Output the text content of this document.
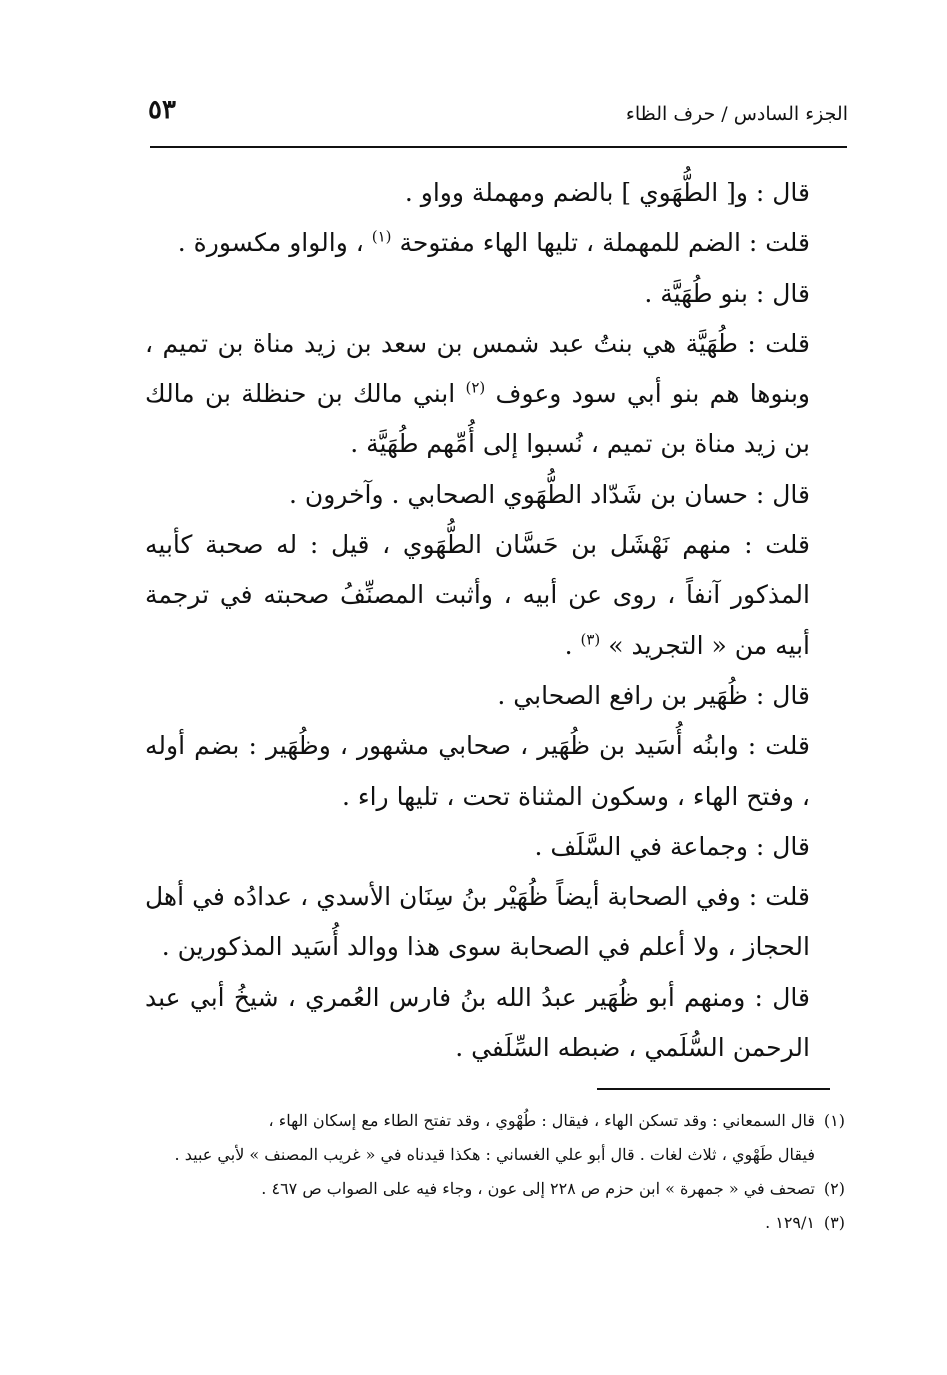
الجزء السادس / حرف الظاء
٥٣

قال : و[ الطُّهَوي ] بالضم ومهملة وواو .

قلت : الضم للمهملة ، تليها الهاء مفتوحة $^{(١)}$ ، والواو مكسورة .

قال : بنو طُهَيَّة .

قلت : طُهَيَّة هي بنتُ عبد شمس بن سعد بن زيد مناة بن تميم ، وبنوها هم بنو أبي سود وعوف $^{(٢)}$ ابني مالك بن حنظلة بن مالك بن زيد مناة بن تميم ، نُسبوا إلى أُمِّهم طُهَيَّة .

قال : حسان بن شَدّاد الطُّهَوي الصحابي . وآخرون .

قلت : منهم نَهْشَل بن حَسَّان الطُّهَوي ، قيل : له صحبة كأبيه المذكور آنفاً ، روى عن أبيه ، وأثبت المصنِّفُ صحبته في ترجمة أبيه من « التجريد » $^{(٣)}$ .

قال : ظُهَير بن رافع الصحابي .

قلت : وابنُه أُسَيد بن ظُهَير ، صحابي مشهور ، وظُهَير : بضم أوله ، وفتح الهاء ، وسكون المثناة تحت ، تليها راء .

قال : وجماعة في السَّلَف .

قلت : وفي الصحابة أيضاً ظُهَيْر بنُ سِنَان الأسدي ، عدادُه في أهل الحجاز ، ولا أعلم في الصحابة سوى هذا ووالد أُسَيد المذكورين .

قال : ومنهم أبو ظُهَير عبدُ الله بنُ فارس العُمري ، شيخُ أبي عبد الرحمن السُّلَمي ، ضبطه السِّلَفي .

(١)قال السمعاني : وقد تسكن الهاء ، فيقال : طُهْوي ، وقد تفتح الطاء مع إسكان الهاء ،
فيقال طَهْوي ، ثلاث لغات . قال أبو علي الغساني : هكذا قيدناه في « غريب المصنف » لأبي عبيد .

(٢)تصحف في « جمهرة » ابن حزم ص ٢٢٨ إلى عون ، وجاء فيه على الصواب ص ٤٦٧ .

(٣)١٢٩/١ .
